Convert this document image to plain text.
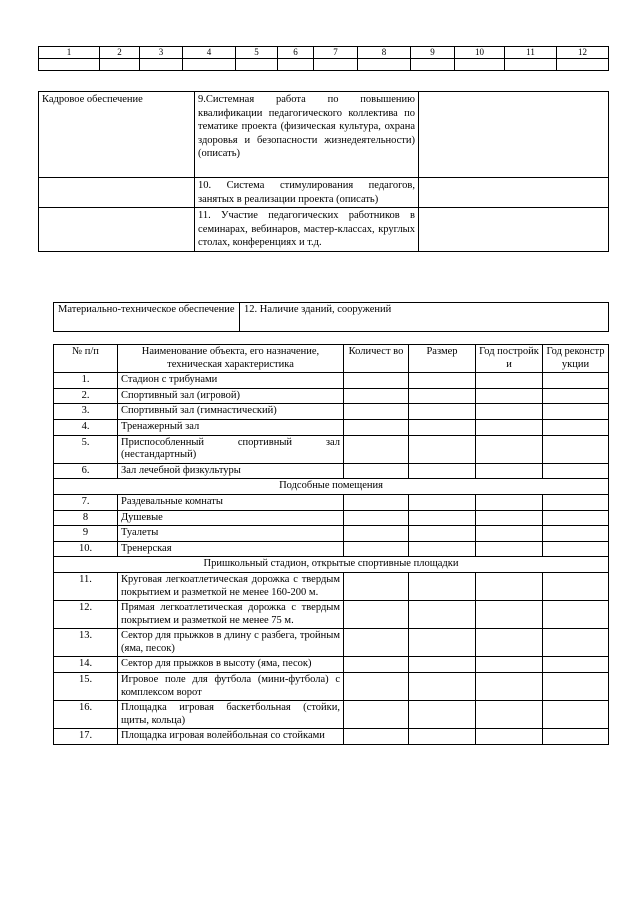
1	2	3	4	5	6	7	8	9	10	11	12

Кадровое обеспечение	9.Системная работа по повышению квалификации педагогического коллектива по тематике проекта (физическая культура, охрана здоровья и безопасности жизнедеятельности) (описать)	
	10. Система стимулирования педагогов, занятых в реализации проекта (описать)	
	11. Участие педагогических работников в семинарах, вебинаров, мастер-классах, круглых столах, конференциях и т.д.	
Материально-техническое обеспечение	12. Наличие зданий, сооружений
№ п/п	Наименование объекта, его назначение, техническая характеристика	Количест во	Размер	Год постройк и	Год реконстр укции
1.	Стадион с трибунами				
2.	Спортивный зал (игровой)				
3.	Спортивный зал (гимнастический)				
4.	Тренажерный зал				
5.	Приспособленный спортивный зал (нестандартный)				
6.	Зал лечебной физкультуры				
Подсобные помещения					
7.	Раздевальные комнаты				
8	Душевые				
9	Туалеты				
10.	Тренерская				
Пришкольный стадион, открытые спортивные площадки					
11.	Круговая легкоатлетическая дорожка с твердым покрытием и разметкой не менее 160-200 м.				
12.	Прямая легкоатлетическая дорожка с твердым покрытием и разметкой не менее 75 м.				
13.	Сектор для прыжков в длину с разбега, тройным (яма, песок)				
14.	Сектор для прыжков в высоту (яма, песок)				
15.	Игровое поле для футбола (мини-футбола) с комплексом ворот				
16.	Площадка игровая баскетбольная (стойки, щиты, кольца)				
17.	Площадка игровая волейбольная со стойками				
